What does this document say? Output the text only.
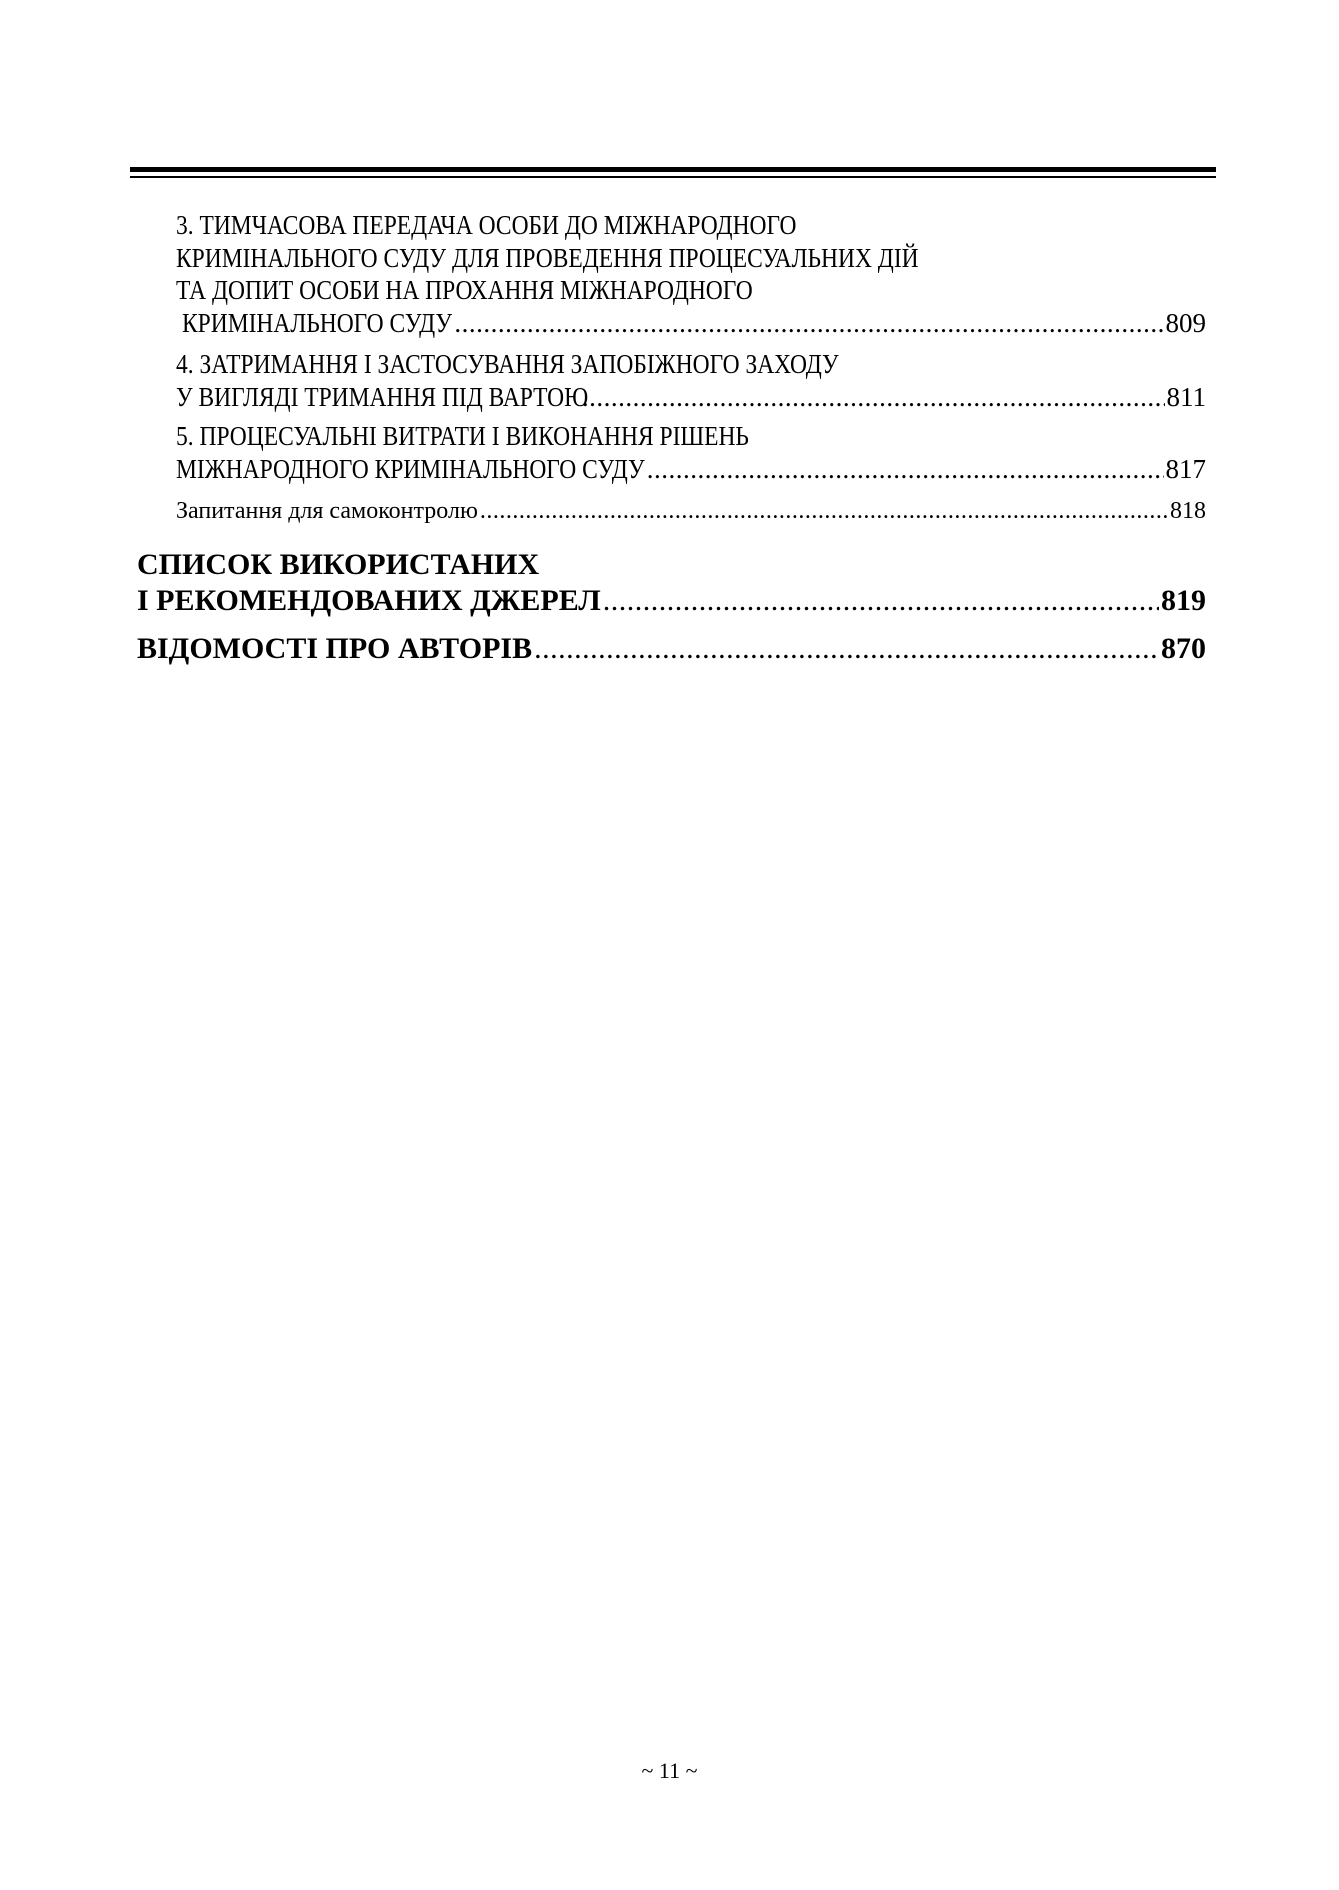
3. ТИМЧАСОВА ПЕРЕДАЧА ОСОБИ ДО МІЖНАРОДНОГО
КРИМІНАЛЬНОГО СУДУ ДЛЯ ПРОВЕДЕННЯ ПРОЦЕСУАЛЬНИХ ДІЙ
ТА ДОПИТ ОСОБИ НА ПРОХАННЯ МІЖНАРОДНОГО
КРИМІНАЛЬНОГО СУДУ .....	809
4. ЗАТРИМАННЯ І ЗАСТОСУВАННЯ ЗАПОБІЖНОГО ЗАХОДУ
У ВИГЛЯДІ ТРИМАННЯ ПІД ВАРТОЮ .....	811
5. ПРОЦЕСУАЛЬНІ ВИТРАТИ І ВИКОНАННЯ РІШЕНЬ
МІЖНАРОДНОГО КРИМІНАЛЬНОГО СУДУ .....	817
Запитання для самоконтролю .....	818
СПИСОК ВИКОРИСТАНИХ
І РЕКОМЕНДОВАНИХ ДЖЕРЕЛ .....	819
ВІДОМОСТІ ПРО АВТОРІВ .....	870
~ 11 ~
